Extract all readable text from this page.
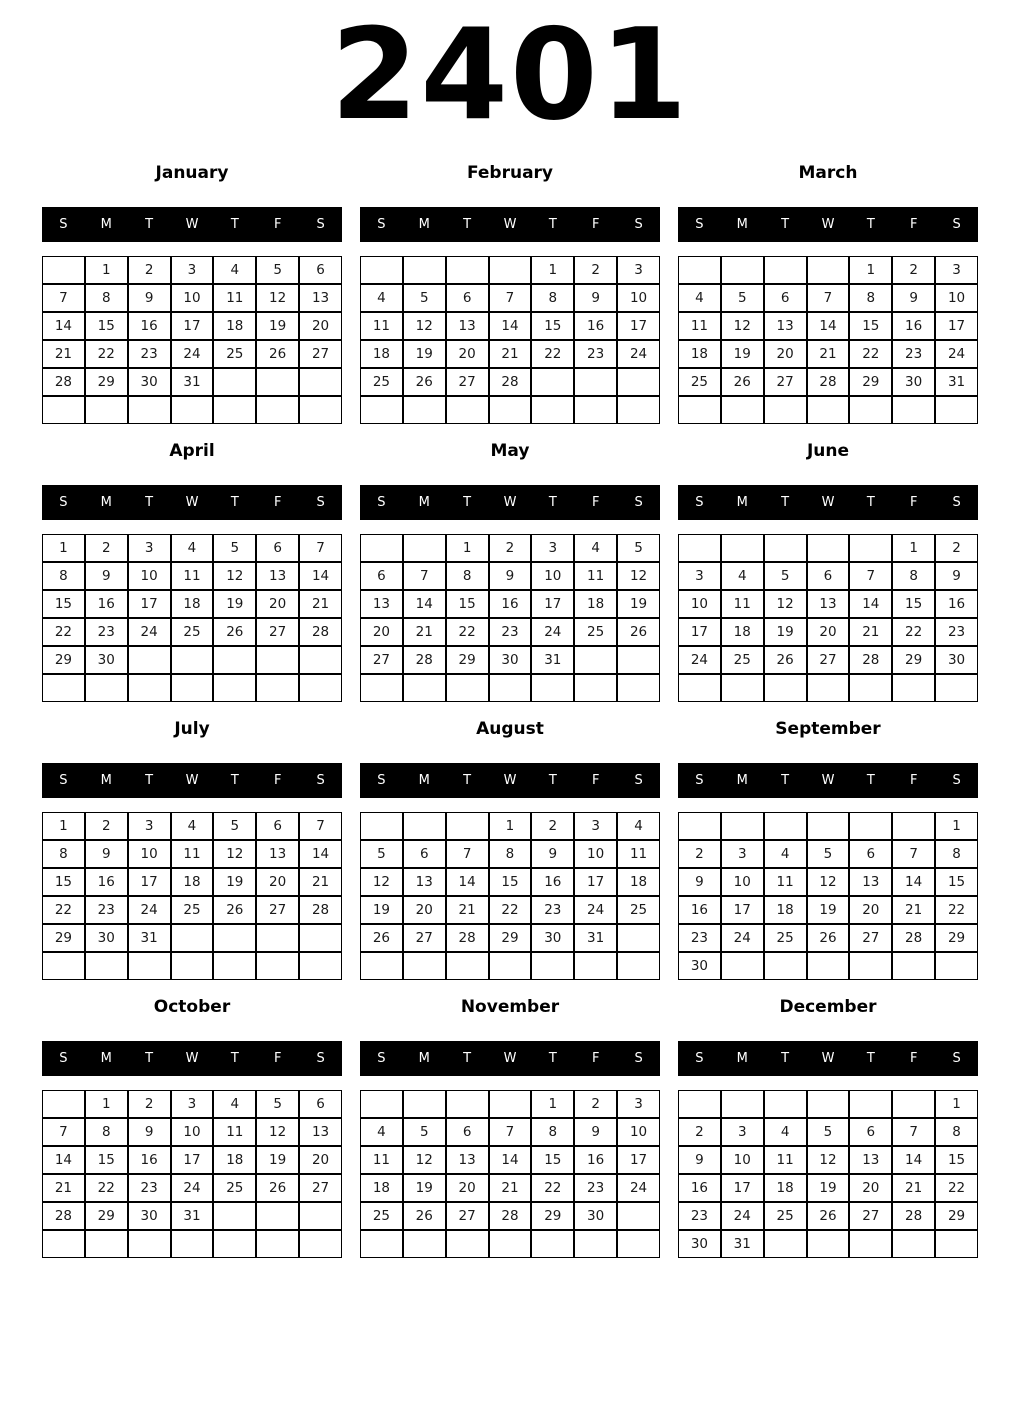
2401
January
S	M	T	W	T	F	S
	1	2	3	4	5	6
7	8	9	10	11	12	13
14	15	16	17	18	19	20
21	22	23	24	25	26	27
28	29	30	31			

February
S	M	T	W	T	F	S
				1	2	3
4	5	6	7	8	9	10
11	12	13	14	15	16	17
18	19	20	21	22	23	24
25	26	27	28			

March
S	M	T	W	T	F	S
				1	2	3
4	5	6	7	8	9	10
11	12	13	14	15	16	17
18	19	20	21	22	23	24
25	26	27	28	29	30	31

April
S	M	T	W	T	F	S
1	2	3	4	5	6	7
8	9	10	11	12	13	14
15	16	17	18	19	20	21
22	23	24	25	26	27	28
29	30					

May
S	M	T	W	T	F	S
		1	2	3	4	5
6	7	8	9	10	11	12
13	14	15	16	17	18	19
20	21	22	23	24	25	26
27	28	29	30	31		

June
S	M	T	W	T	F	S
					1	2
3	4	5	6	7	8	9
10	11	12	13	14	15	16
17	18	19	20	21	22	23
24	25	26	27	28	29	30

July
S	M	T	W	T	F	S
1	2	3	4	5	6	7
8	9	10	11	12	13	14
15	16	17	18	19	20	21
22	23	24	25	26	27	28
29	30	31				

August
S	M	T	W	T	F	S
			1	2	3	4
5	6	7	8	9	10	11
12	13	14	15	16	17	18
19	20	21	22	23	24	25
26	27	28	29	30	31	

September
S	M	T	W	T	F	S
						1
2	3	4	5	6	7	8
9	10	11	12	13	14	15
16	17	18	19	20	21	22
23	24	25	26	27	28	29
30						
October
S	M	T	W	T	F	S
	1	2	3	4	5	6
7	8	9	10	11	12	13
14	15	16	17	18	19	20
21	22	23	24	25	26	27
28	29	30	31			

November
S	M	T	W	T	F	S
				1	2	3
4	5	6	7	8	9	10
11	12	13	14	15	16	17
18	19	20	21	22	23	24
25	26	27	28	29	30	

December
S	M	T	W	T	F	S
						1
2	3	4	5	6	7	8
9	10	11	12	13	14	15
16	17	18	19	20	21	22
23	24	25	26	27	28	29
30	31					
